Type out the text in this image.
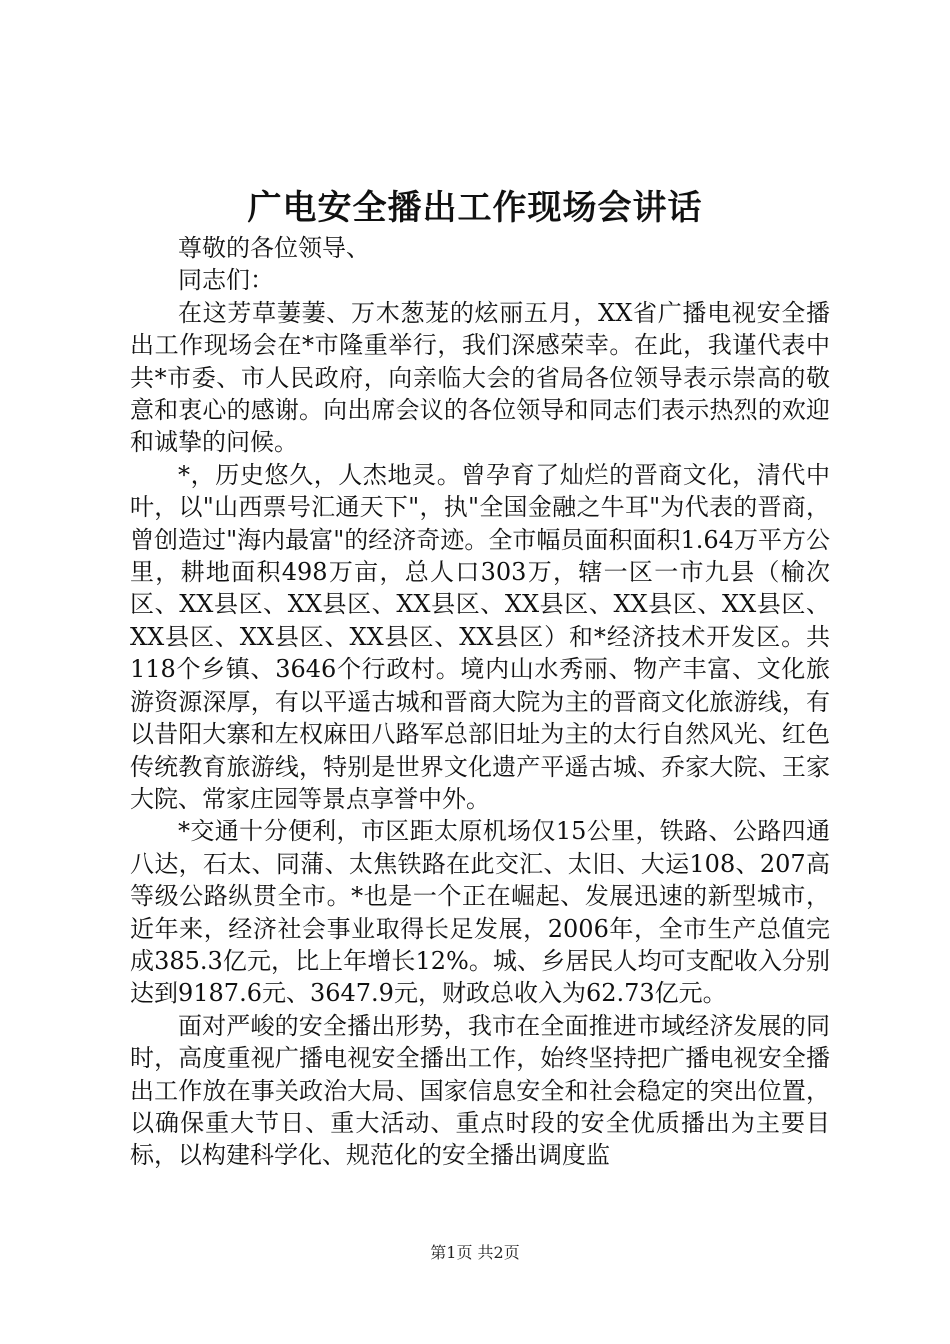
广电安全播出工作现场会讲话

尊敬的各位领导、

同志们：

在这芳草萋萋、万木葱茏的炫丽五月，XX省广播电视安全播出工作现场会在*市隆重举行，我们深感荣幸。在此，我谨代表中共*市委、市人民政府，向亲临大会的省局各位领导表示崇高的敬意和衷心的感谢。向出席会议的各位领导和同志们表示热烈的欢迎和诚挚的问候。

*，历史悠久，人杰地灵。曾孕育了灿烂的晋商文化，清代中叶，以"山西票号汇通天下"，执"全国金融之牛耳"为代表的晋商，曾创造过"海内最富"的经济奇迹。全市幅员面积面积1.64万平方公里，耕地面积498万亩，总人口303万，辖一区一市九县（榆次区、XX县区、XX县区、XX县区、XX县区、XX县区、XX县区、XX县区、XX县区、XX县区、XX县区）和*经济技术开发区。共118个乡镇、3646个行政村。境内山水秀丽、物产丰富、文化旅游资源深厚，有以平遥古城和晋商大院为主的晋商文化旅游线，有以昔阳大寨和左权麻田八路军总部旧址为主的太行自然风光、红色传统教育旅游线，特别是世界文化遗产平遥古城、乔家大院、王家大院、常家庄园等景点享誉中外。

*交通十分便利，市区距太原机场仅15公里，铁路、公路四通八达，石太、同蒲、太焦铁路在此交汇、太旧、大运108、207高等级公路纵贯全市。*也是一个正在崛起、发展迅速的新型城市，近年来，经济社会事业取得长足发展，2006年，全市生产总值完成385.3亿元，比上年增长12%。城、乡居民人均可支配收入分别达到9187.6元、3647.9元，财政总收入为62.73亿元。

面对严峻的安全播出形势，我市在全面推进市域经济发展的同时，高度重视广播电视安全播出工作，始终坚持把广播电视安全播出工作放在事关政治大局、国家信息安全和社会稳定的突出位置，以确保重大节日、重大活动、重点时段的安全优质播出为主要目标，以构建科学化、规范化的安全播出调度监

第1页 共2页
